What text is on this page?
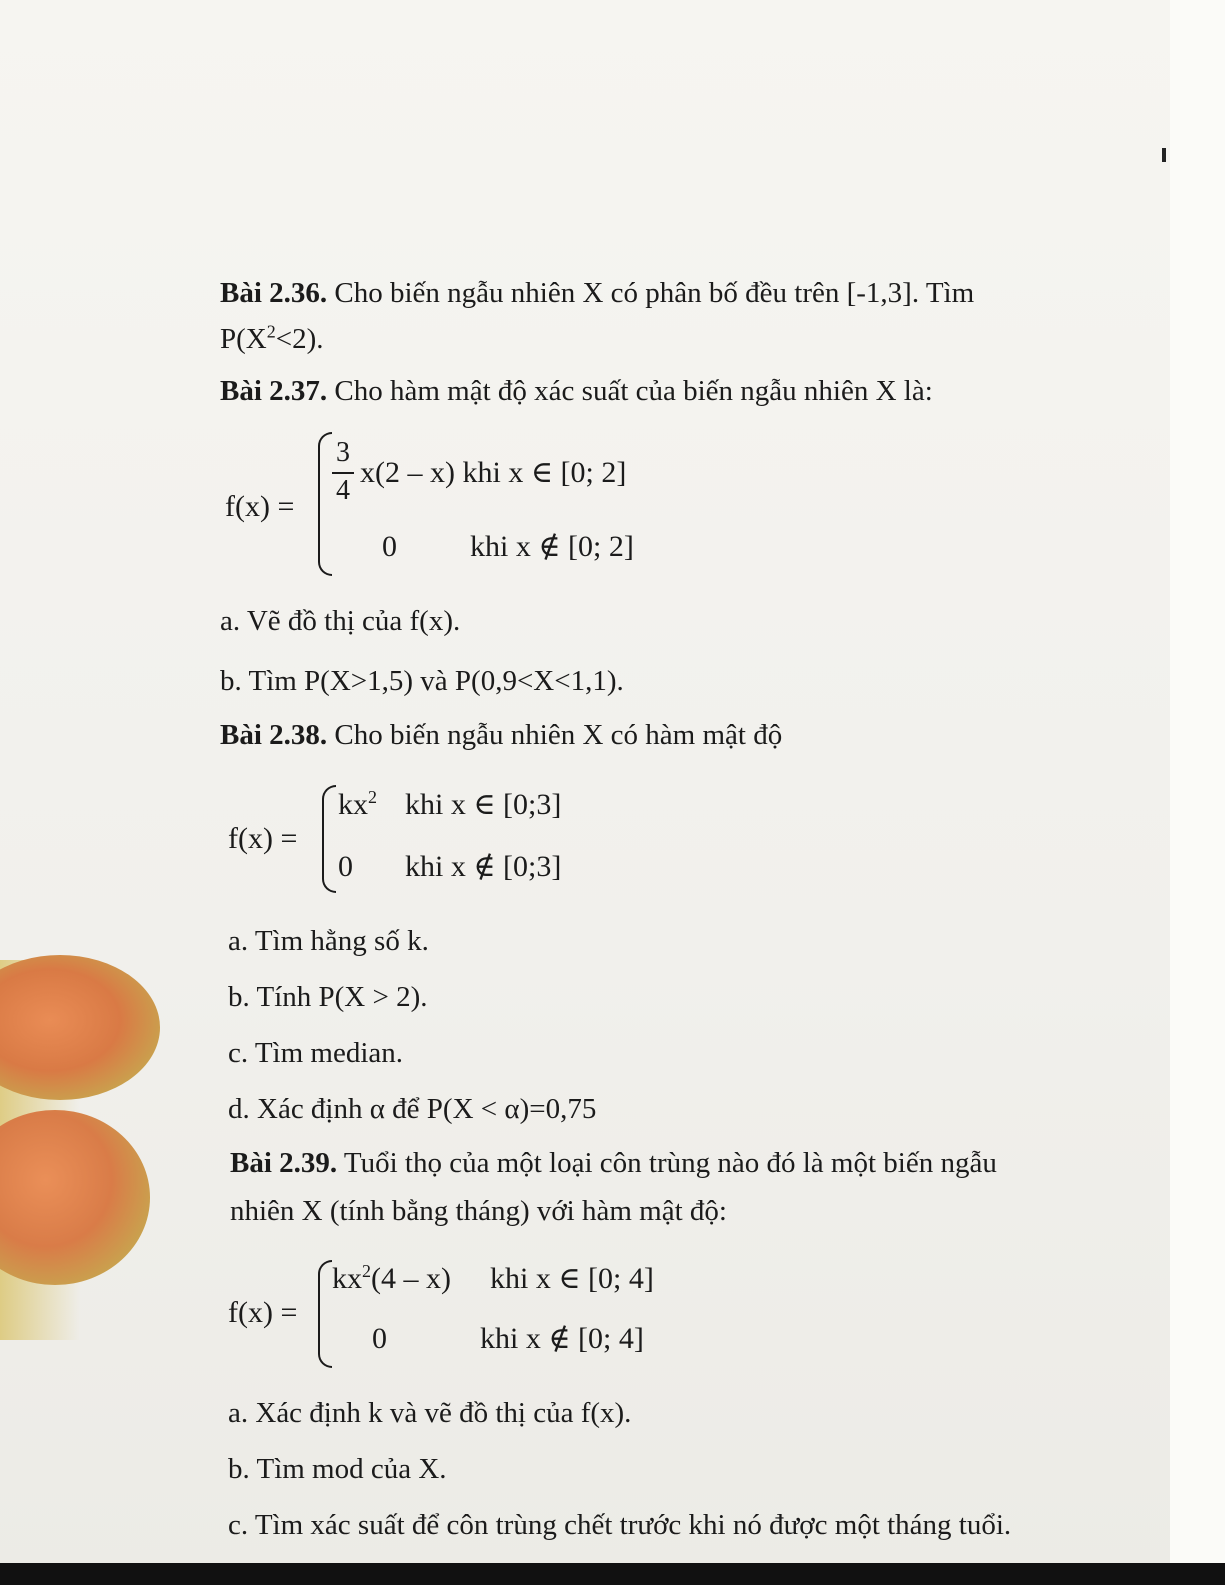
Bài 2.36. Cho biến ngẫu nhiên X có phân bố đều trên [-1,3]. Tìm
$P(X^2<2)$.
Bài 2.37. Cho hàm mật độ xác suất của biến ngẫu nhiên X là:
f(x) =
3
4
x(2 – x) khi x ∈ [0; 2]
0 khi x ∉ [0; 2]
a. Vẽ đồ thị của f(x).
b. Tìm P(X>1,5) và P(0,9<X<1,1).
Bài 2.38. Cho biến ngẫu nhiên X có hàm mật độ
f(x) =
$kx^2$ khi x ∈ [0;3]
0 khi x ∉ [0;3]
a. Tìm hằng số k.
b. Tính P(X > 2).
c. Tìm median.
d. Xác định α để P(X < α)=0,75
Bài 2.39. Tuổi thọ của một loại côn trùng nào đó là một biến ngẫu
nhiên X (tính bằng tháng) với hàm mật độ:
f(x) =
$kx^2(4 - x)$ khi x ∈ [0; 4]
0	khi x ∉ [0; 4]
a. Xác định k và vẽ đồ thị của f(x).
b. Tìm mod của X.
c. Tìm xác suất để côn trùng chết trước khi nó được một tháng tuổi.
